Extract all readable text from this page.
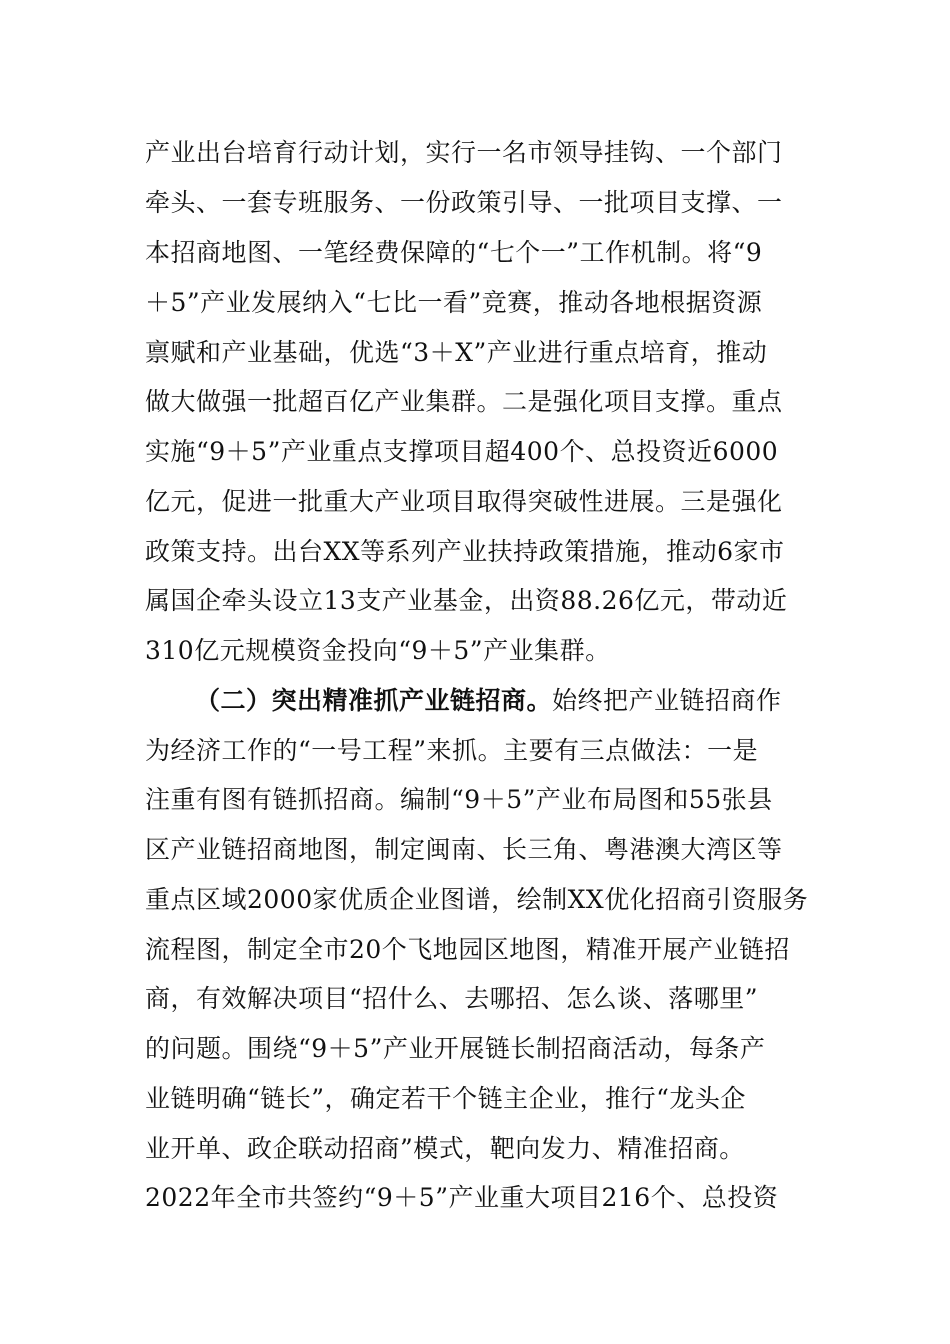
产业出台培育行动计划，实行一名市领导挂钩、一个部门
牵头、一套专班服务、一份政策引导、一批项目支撑、一
本招商地图、一笔经费保障的“七个一”工作机制。将“9
＋5”产业发展纳入“七比一看”竞赛，推动各地根据资源
禀赋和产业基础，优选“3＋X”产业进行重点培育，推动
做大做强一批超百亿产业集群。二是强化项目支撑。重点
实施“9＋5”产业重点支撑项目超400个、总投资近6000
亿元，促进一批重大产业项目取得突破性进展。三是强化
政策支持。出台XX等系列产业扶持政策措施，推动6家市
属国企牵头设立13支产业基金，出资88.26亿元，带动近
310亿元规模资金投向“9＋5”产业集群。
（二）突出精准抓产业链招商。始终把产业链招商作
为经济工作的“一号工程”来抓。主要有三点做法：一是
注重有图有链抓招商。编制“9＋5”产业布局图和55张县
区产业链招商地图，制定闽南、长三角、粤港澳大湾区等
重点区域2000家优质企业图谱，绘制XX优化招商引资服务
流程图，制定全市20个飞地园区地图，精准开展产业链招
商，有效解决项目“招什么、去哪招、怎么谈、落哪里”
的问题。围绕“9＋5”产业开展链长制招商活动，每条产
业链明确“链长”，确定若干个链主企业，推行“龙头企
业开单、政企联动招商”模式，靶向发力、精准招商。
2022年全市共签约“9＋5”产业重大项目216个、总投资
